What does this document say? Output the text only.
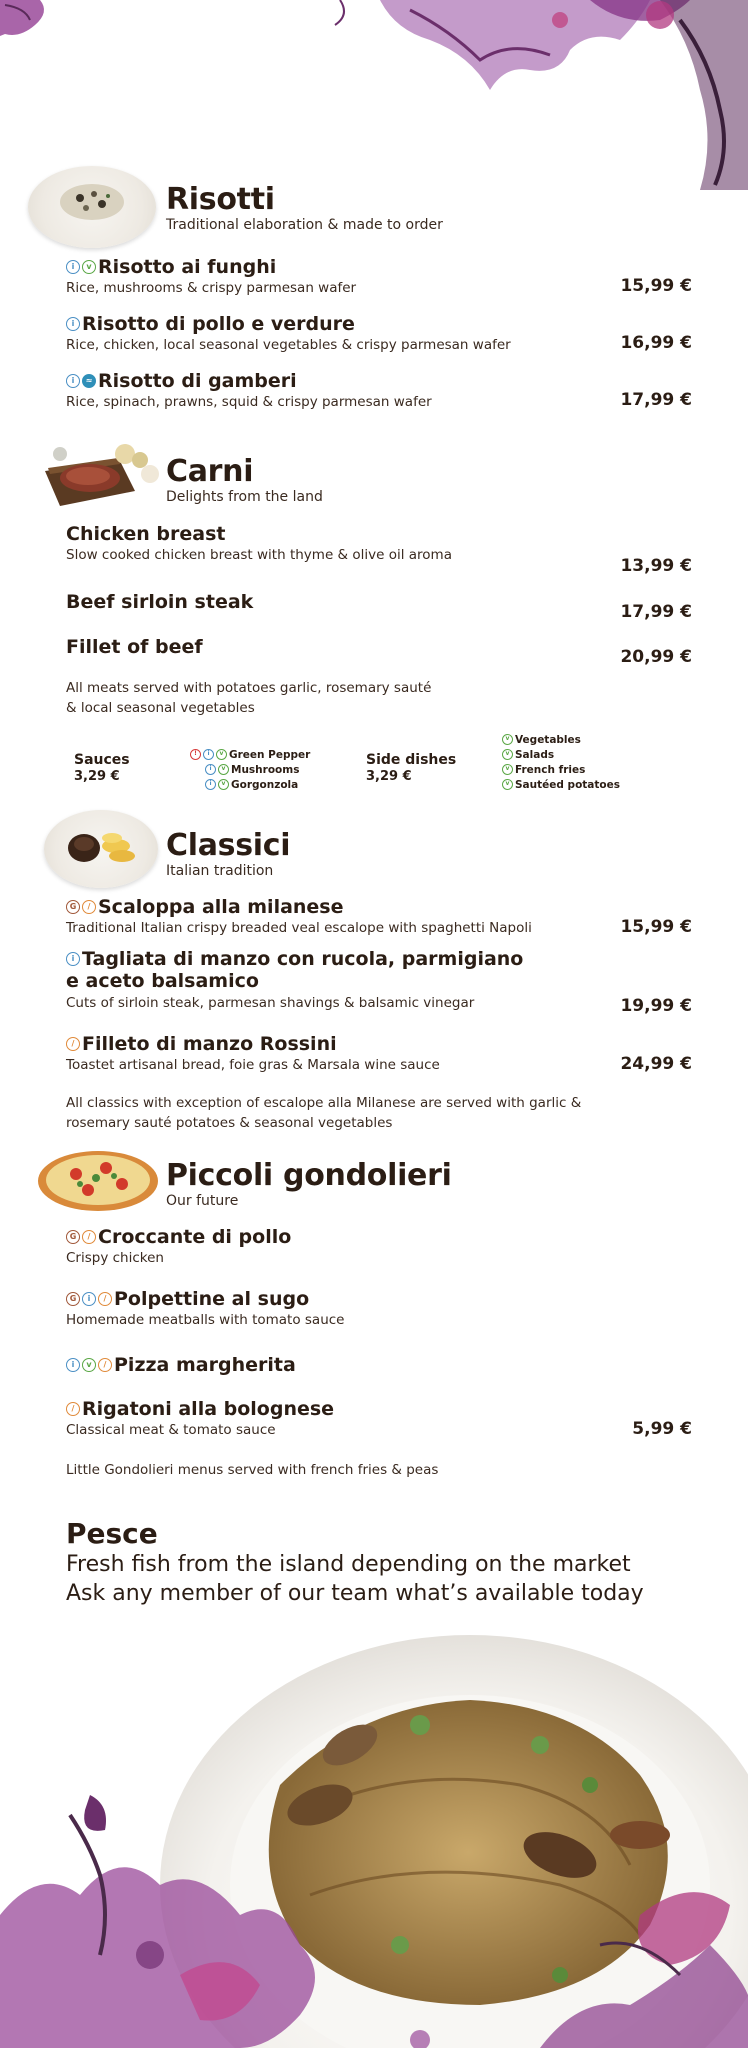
Risotti
Traditional elaboration & made to order
i	v Risotto ai funghi
Rice, mushrooms & crispy parmesan wafer	15,99 €
i Risotto di pollo e verdure
Rice, chicken, local seasonal vegetables & crispy parmesan wafer	16,99 €
i	≈ Risotto di gamberi
Rice, spinach, prawns, squid & crispy parmesan wafer	17,99 €
Carni
Delights from the land
Chicken breast
Slow cooked chicken breast with thyme & olive oil aroma
13,99 €
Beef sirloin steak	17,99 €
Fillet of beef	20,99 €
All meats served with potatoes garlic, rosemary sauté
& local seasonal vegetables
Sauces
3,29 €
!	i	v Green Pepper
i	v Mushrooms
i	v Gorgonzola
Side dishes
3,29 €
v Vegetables
v Salads
v French fries
v Sautéed potatoes
Classici
Italian tradition
G	/ Scaloppa alla milanese
Traditional Italian crispy breaded veal escalope with spaghetti Napoli	15,99 €
i Tagliata di manzo con rucola, parmigiano
e aceto balsamico
Cuts of sirloin steak, parmesan shavings & balsamic vinegar	19,99 €
/ Filleto di manzo Rossini
Toastet artisanal bread, foie gras & Marsala wine sauce	24,99 €
All classics with exception of escalope alla Milanese are served with garlic &
rosemary sauté potatoes & seasonal vegetables
Piccoli gondolieri
Our future
G	/ Croccante di pollo
Crispy chicken
G	i	/ Polpettine al sugo
Homemade meatballs with tomato sauce
i	v	/ Pizza margherita
/ Rigatoni alla bolognese
Classical meat & tomato sauce	5,99 €
Little Gondolieri menus served with french fries & peas
Pesce
Fresh fish from the island depending on the market
Ask any member of our team what’s available today
